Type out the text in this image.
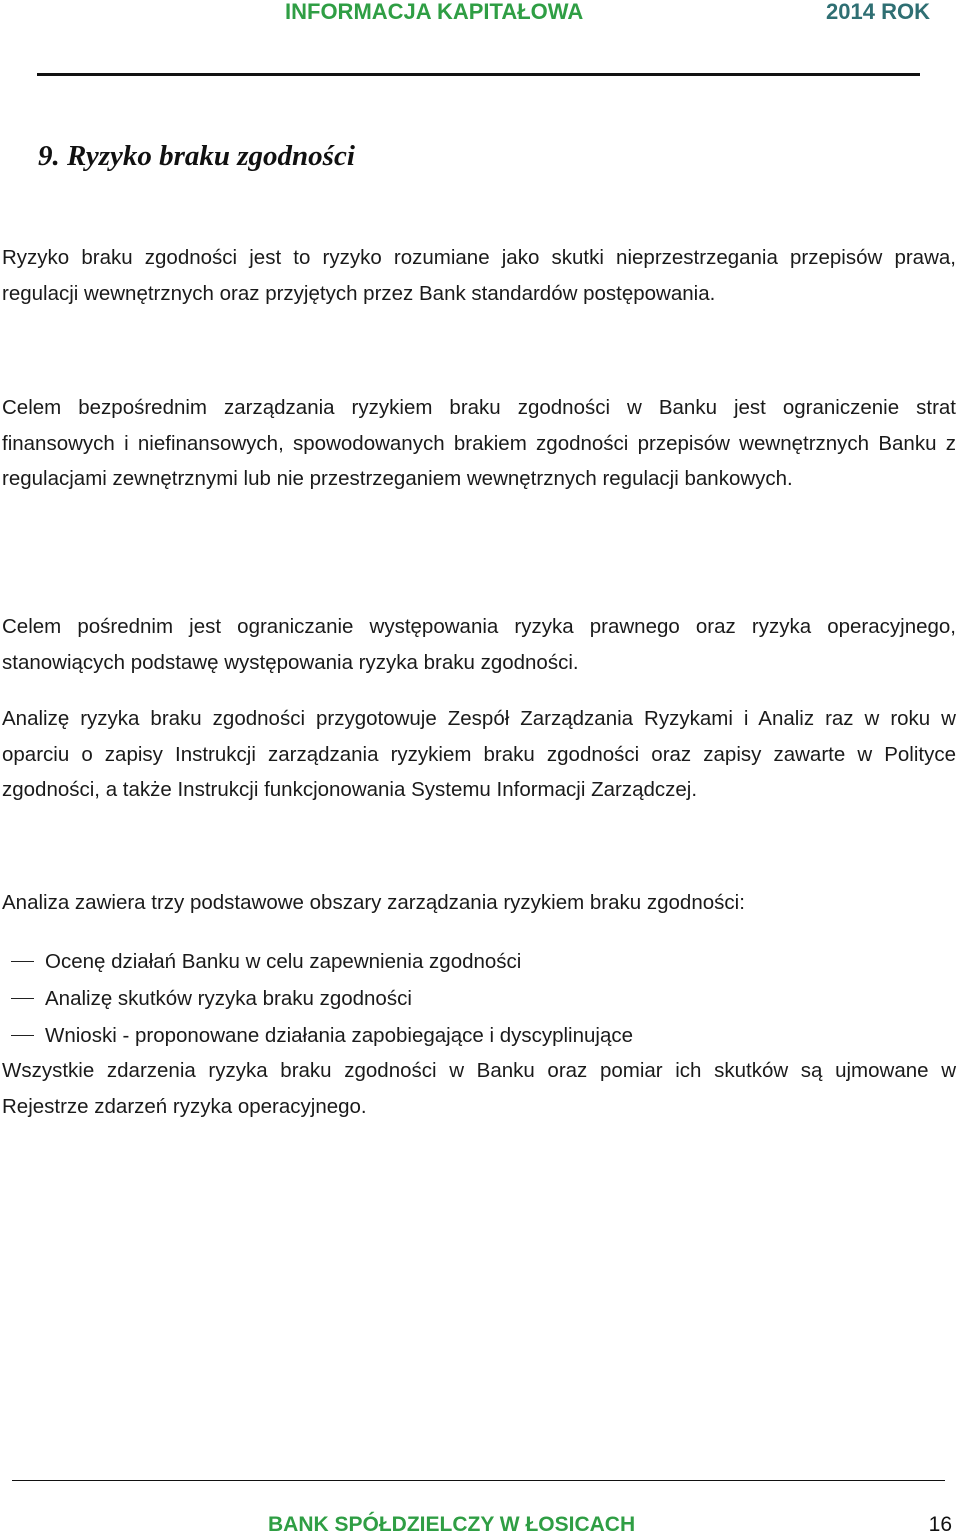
INFORMACJA KAPITAŁOWA	2014 ROK
9. Ryzyko braku zgodności

Ryzyko braku zgodności jest to ryzyko rozumiane jako skutki nieprzestrzegania przepisów prawa, regulacji wewnętrznych oraz przyjętych przez Bank standardów postępowania.

Celem bezpośrednim zarządzania ryzykiem braku zgodności w Banku jest ograniczenie strat finansowych i niefinansowych, spowodowanych brakiem zgodności przepisów wewnętrznych Banku z regulacjami zewnętrznymi lub nie przestrzeganiem wewnętrznych regulacji bankowych.

Celem pośrednim jest ograniczanie występowania ryzyka prawnego oraz ryzyka operacyjnego, stanowiących podstawę występowania ryzyka braku zgodności.

Analizę ryzyka braku zgodności przygotowuje Zespół Zarządzania Ryzykami i Analiz raz w roku w oparciu o zapisy Instrukcji zarządzania ryzykiem braku zgodności oraz zapisy zawarte w Polityce zgodności, a także Instrukcji funkcjonowania Systemu Informacji Zarządczej.

Analiza zawiera trzy podstawowe obszary zarządzania ryzykiem braku zgodności:

Ocenę działań Banku w celu zapewnienia zgodności
Analizę skutków ryzyka braku zgodności
Wnioski - proponowane działania zapobiegające i dyscyplinujące

Wszystkie zdarzenia ryzyka braku zgodności w Banku oraz pomiar ich skutków są ujmowane w Rejestrze zdarzeń ryzyka operacyjnego.

BANK SPÓŁDZIELCZY W ŁOSICACH	16
